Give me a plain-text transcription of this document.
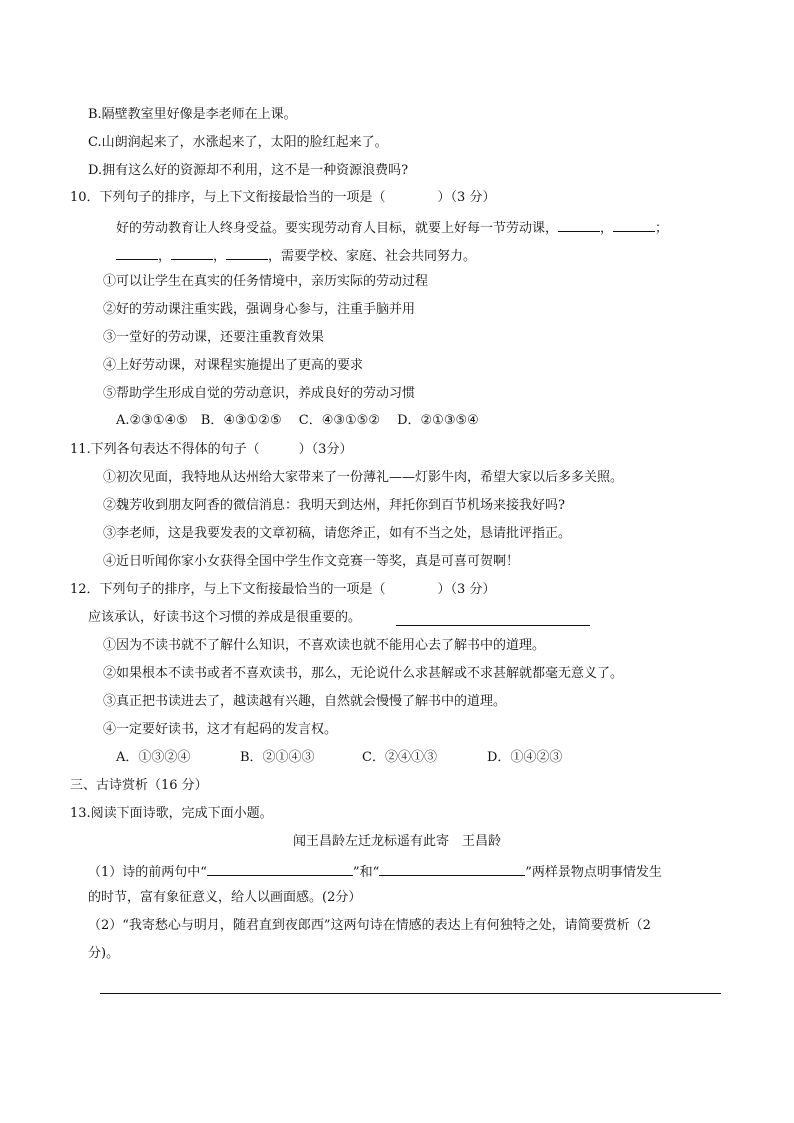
B.隔壁教室里好像是李老师在上课。
C.山朗润起来了，水涨起来了，太阳的脸红起来了。
D.拥有这么好的资源却不利用，这不是一种资源浪费吗?
10．下列句子的排序，与上下文衔接最恰当的一项是（　　　　）（3 分）
好的劳动教育让人终身受益。要实现劳动育人目标，就要上好每一节劳动课，	，	；
，	，	，需要学校、家庭、社会共同努力。
①可以让学生在真实的任务情境中，亲历实际的劳动过程
②好的劳动课注重实践，强调身心参与，注重手脑并用
③一堂好的劳动课，还要注重教育效果
④上好劳动课，对课程实施提出了更高的要求
⑤帮助学生形成自觉的劳动意识，养成良好的劳动习惯
A.②③①④⑤　B．④③①②⑤　 C．④③①⑤②　 D．②①③⑤④
11.下列各句表达不得体的句子（　　　）（3分）
①初次见面，我特地从达州给大家带来了一份薄礼——灯影牛肉，希望大家以后多多关照。
②魏芳收到朋友阿香的微信消息：我明天到达州，拜托你到百节机场来接我好吗?
③李老师，这是我要发表的文章初稿，请您斧正，如有不当之处，恳请批评指正。
④近日听闻你家小女获得全国中学生作文竞赛一等奖，真是可喜可贺啊！
12．下列句子的排序，与上下文衔接最恰当的一项是（　　　　）（3 分）
应该承认，好读书这个习惯的养成是很重要的。
①因为不读书就不了解什么知识，不喜欢读也就不能用心去了解书中的道理。
②如果根本不读书或者不喜欢读书，那么，无论说什么求甚解或不求甚解就都毫无意义了。
③真正把书读进去了，越读越有兴趣，自然就会慢慢了解书中的道理。
④一定要好读书，这才有起码的发言权。
A．①③②④	B．②①④③	C．②④①③	D．①④②③
三、古诗赏析（16 分）
13.阅读下面诗歌，完成下面小题。
闻王昌龄左迁龙标遥有此寄　王昌龄
（1）诗的前两句中“	”和“	”两样景物点明事情发生
的时节，富有象征意义，给人以画面感。(2分）
（2）“我寄愁心与明月，随君直到夜郎西”这两句诗在情感的表达上有何独特之处，请简要赏析（2
分)。
